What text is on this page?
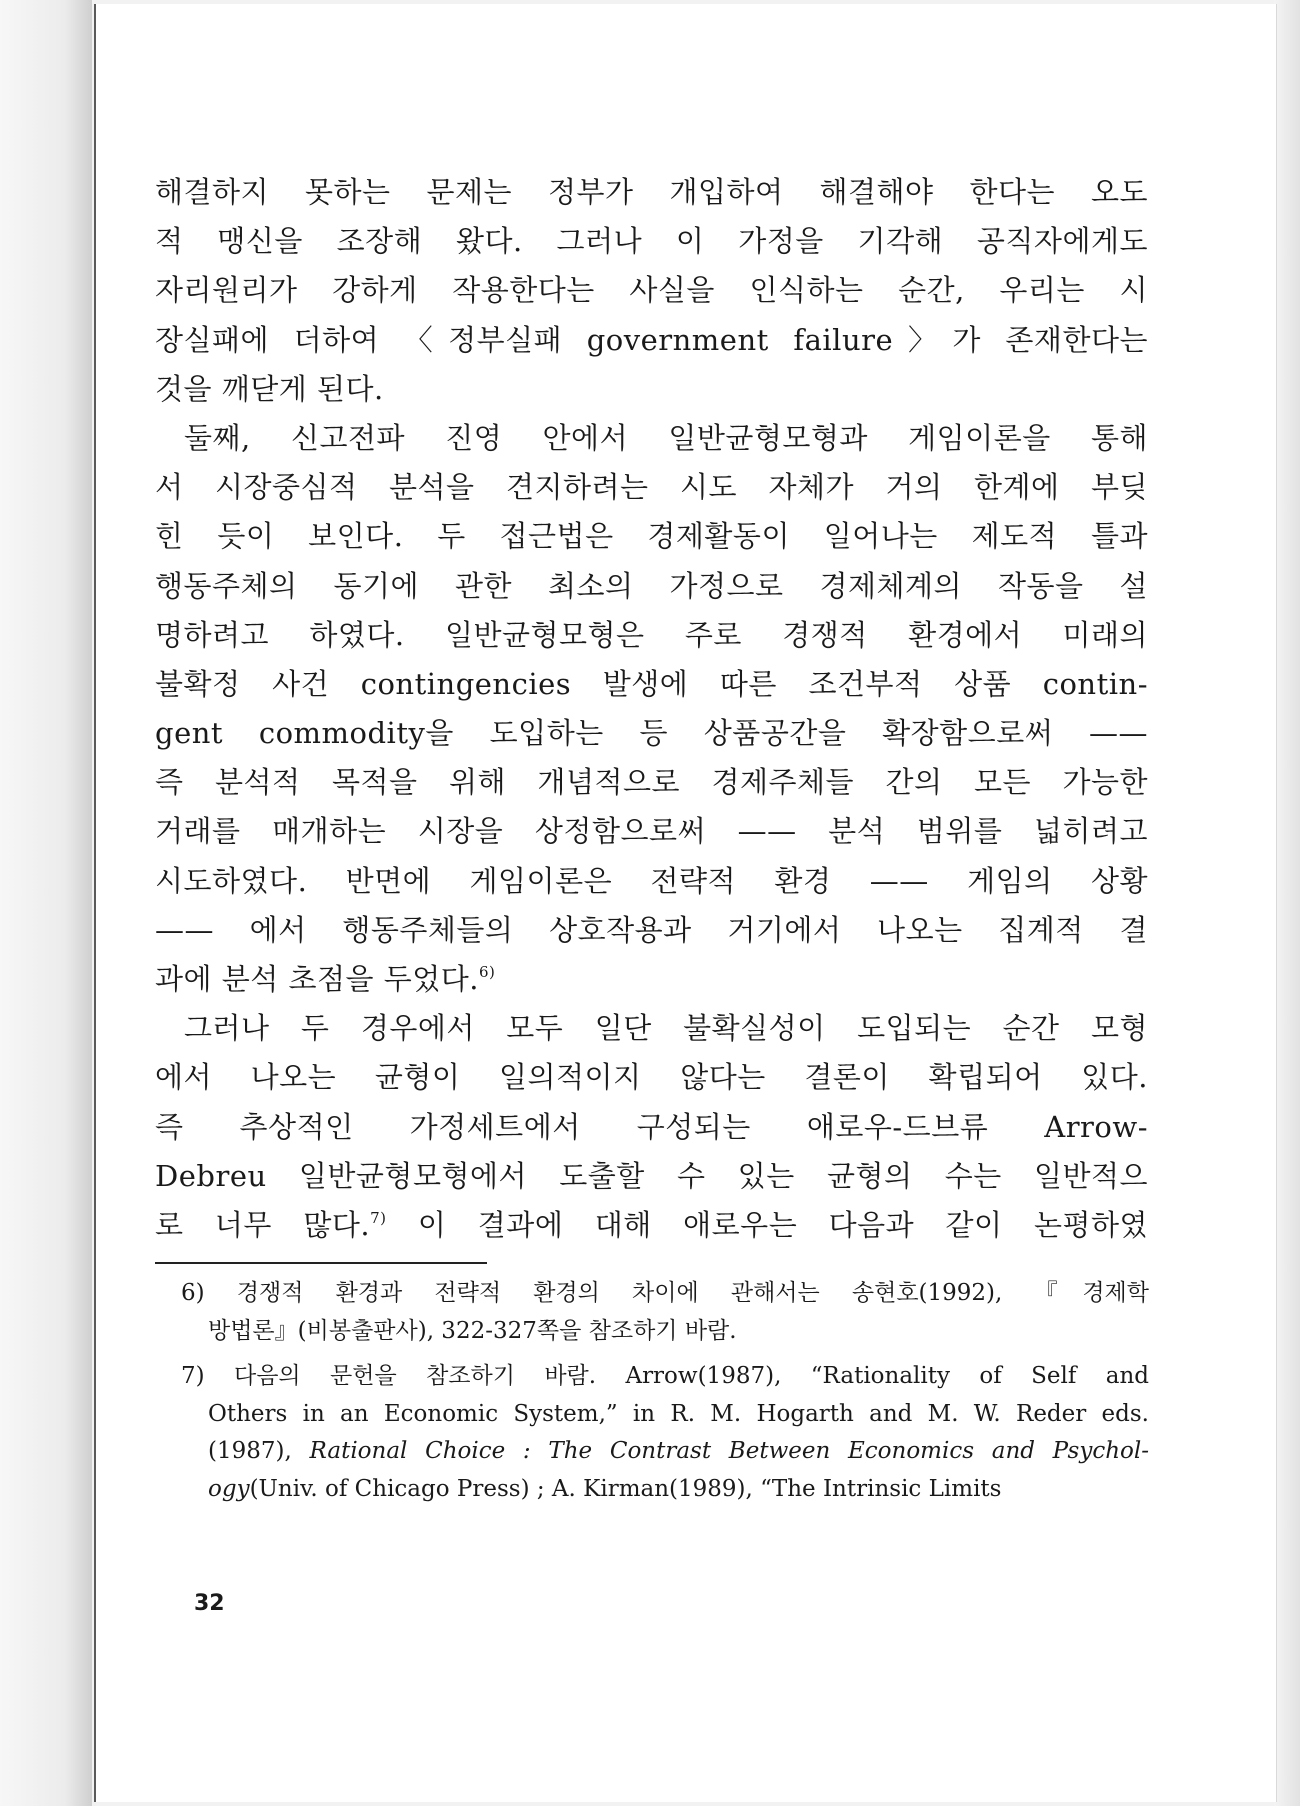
해결하지 못하는 문제는 정부가 개입하여 해결해야 한다는 오도
적 맹신을 조장해 왔다. 그러나 이 가정을 기각해 공직자에게도
자리원리가 강하게 작용한다는 사실을 인식하는 순간, 우리는 시
장실패에 더하여 〈정부실패 government failure〉가 존재한다는
것을 깨닫게 된다.
둘째, 신고전파 진영 안에서 일반균형모형과 게임이론을 통해
서 시장중심적 분석을 견지하려는 시도 자체가 거의 한계에 부딪
힌 듯이 보인다. 두 접근법은 경제활동이 일어나는 제도적 틀과
행동주체의 동기에 관한 최소의 가정으로 경제체계의 작동을 설
명하려고 하였다. 일반균형모형은 주로 경쟁적 환경에서 미래의
불확정 사건 contingencies 발생에 따른 조건부적 상품 contin-
gent commodity을 도입하는 등 상품공간을 확장함으로써 ——
즉 분석적 목적을 위해 개념적으로 경제주체들 간의 모든 가능한
거래를 매개하는 시장을 상정함으로써 —— 분석 범위를 넓히려고
시도하였다. 반면에 게임이론은 전략적 환경 —— 게임의 상황
—— 에서 행동주체들의 상호작용과 거기에서 나오는 집계적 결
과에 분석 초점을 두었다.$^{6)}$
그러나 두 경우에서 모두 일단 불확실성이 도입되는 순간 모형
에서 나오는 균형이 일의적이지 않다는 결론이 확립되어 있다.
즉 추상적인 가정세트에서 구성되는 애로우-드브류 Arrow-
Debreu 일반균형모형에서 도출할 수 있는 균형의 수는 일반적으
로 너무 많다.$^{7)}$ 이 결과에 대해 애로우는 다음과 같이 논평하였
6) 경쟁적 환경과 전략적 환경의 차이에 관해서는 송현호(1992), 『경제학
방법론』(비봉출판사), 322-327쪽을 참조하기 바람.
7) 다음의 문헌을 참조하기 바람. Arrow(1987), “Rationality of Self and
Others in an Economic System,” in R. M. Hogarth and M. W. Reder eds.
(1987), Rational Choice : The Contrast Between Economics and Psychol-
ogy(Univ. of Chicago Press) ; A. Kirman(1989), “The Intrinsic Limits
32
